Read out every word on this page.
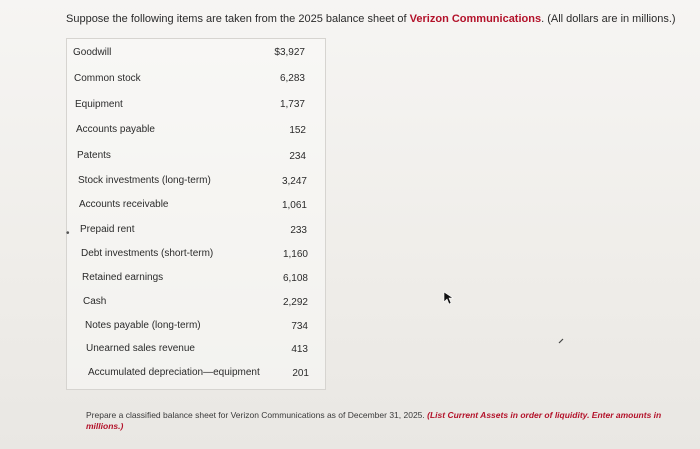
Suppose the following items are taken from the 2025 balance sheet of Verizon Communications. (All dollars are in millions.)
•
Goodwill	$3,927
Common stock	6,283
Equipment	1,737
Accounts payable	152
Patents	234
Stock investments (long-term)	3,247
Accounts receivable	1,061
Prepaid rent	233
Debt investments (short-term)	1,160
Retained earnings	6,108
Cash	2,292
Notes payable (long-term)	734
Unearned sales revenue	413
Accumulated depreciation—equipment	201
Prepare a classified balance sheet for Verizon Communications as of December 31, 2025. (List Current Assets in order of liquidity. Enter amounts in millions.)
